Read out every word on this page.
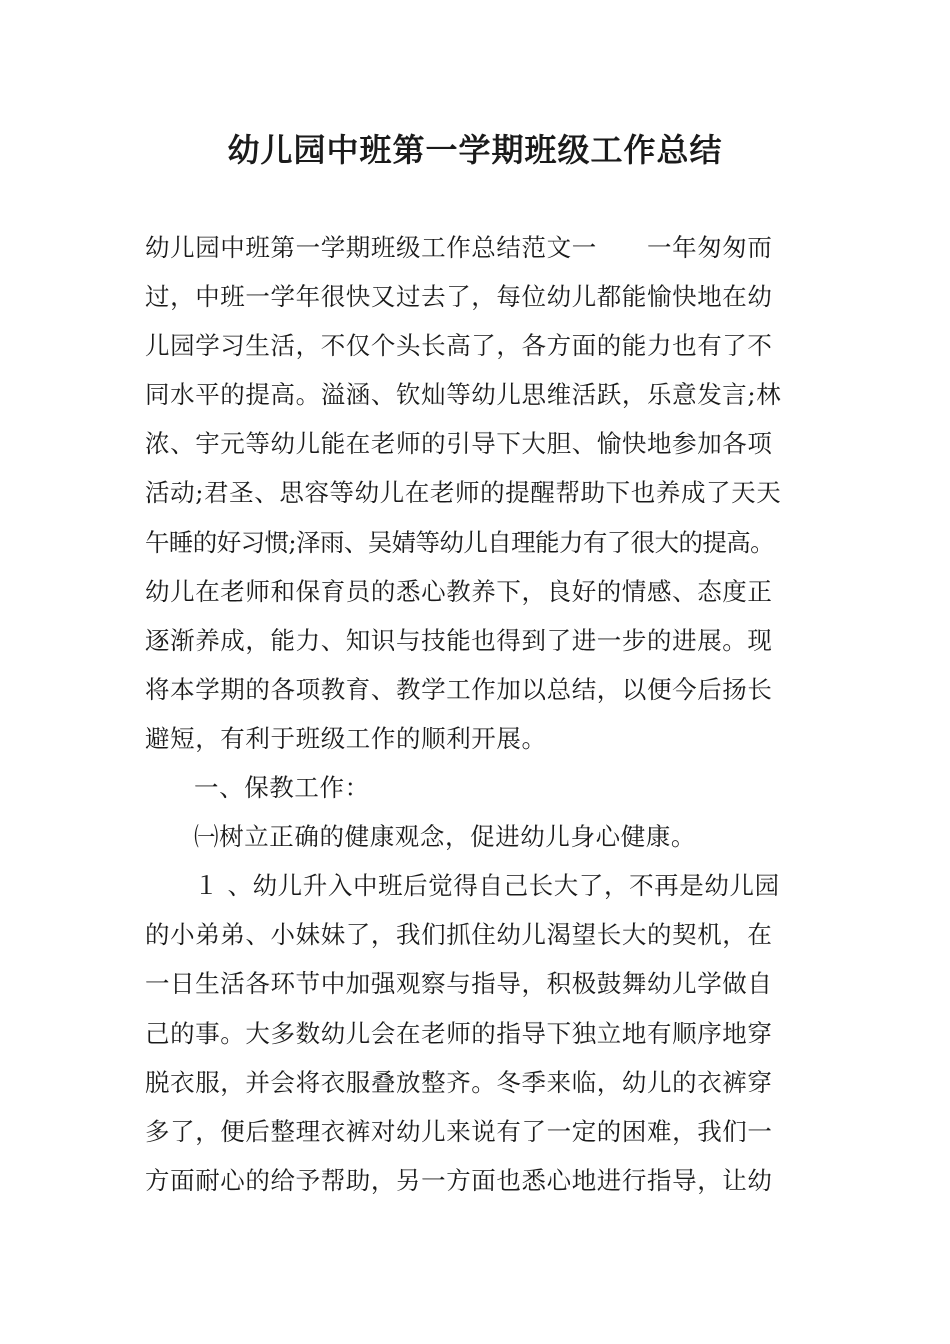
幼儿园中班第一学期班级工作总结
幼儿园中班第一学期班级工作总结范文一　　一年匆匆而
过，中班一学年很快又过去了，每位幼儿都能愉快地在幼
儿园学习生活，不仅个头长高了，各方面的能力也有了不
同水平的提高。溢涵、钦灿等幼儿思维活跃，乐意发言;林
浓、宇元等幼儿能在老师的引导下大胆、愉快地参加各项
活动;君圣、思容等幼儿在老师的提醒帮助下也养成了天天
午睡的好习惯;泽雨、吴婧等幼儿自理能力有了很大的提高。
幼儿在老师和保育员的悉心教养下，良好的情感、态度正
逐渐养成，能力、知识与技能也得到了进一步的进展。现
将本学期的各项教育、教学工作加以总结，以便今后扬长
避短，有利于班级工作的顺利开展。
一、保教工作：
㈠树立正确的健康观念，促进幼儿身心健康。
１ 、幼儿升入中班后觉得自己长大了，不再是幼儿园
的小弟弟、小妹妹了，我们抓住幼儿渴望长大的契机，在
一日生活各环节中加强观察与指导，积极鼓舞幼儿学做自
己的事。大多数幼儿会在老师的指导下独立地有顺序地穿
脱衣服，并会将衣服叠放整齐。冬季来临，幼儿的衣裤穿
多了，便后整理衣裤对幼儿来说有了一定的困难，我们一
方面耐心的给予帮助，另一方面也悉心地进行指导，让幼
